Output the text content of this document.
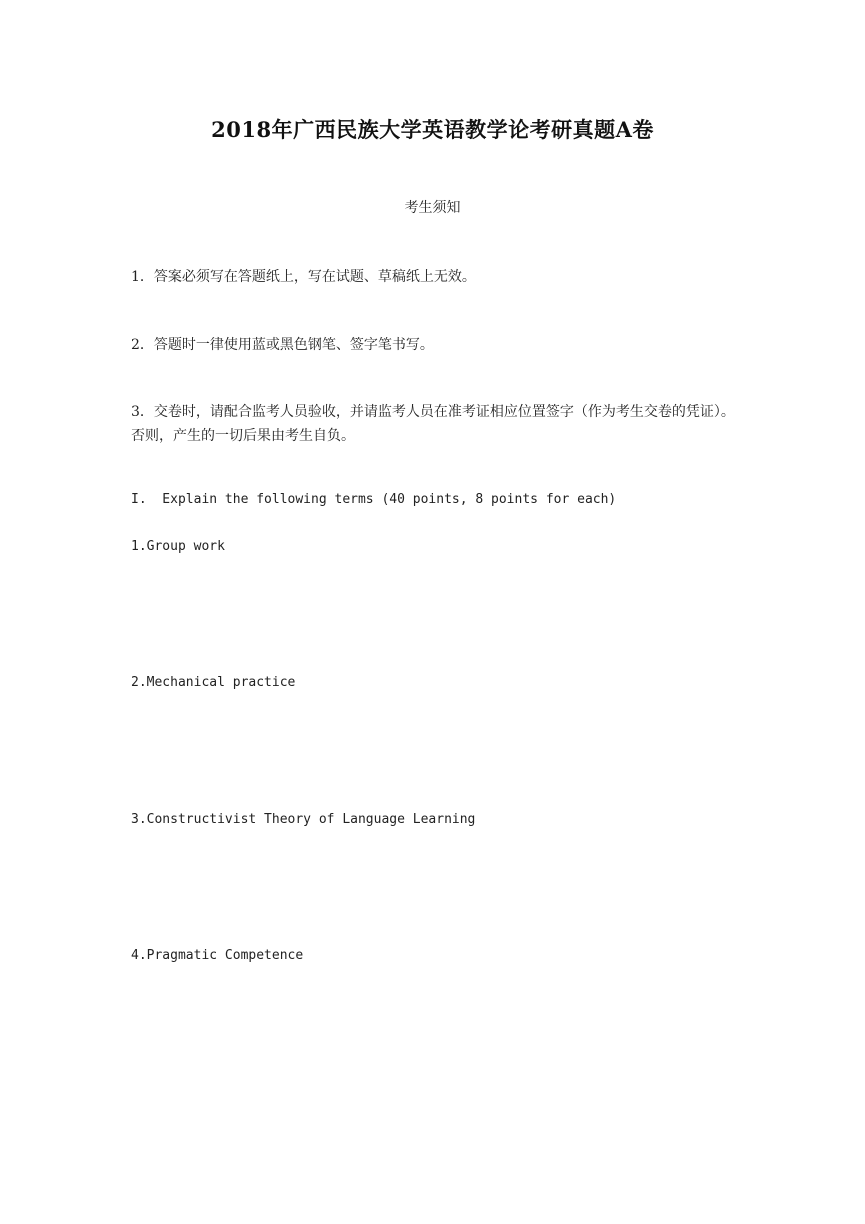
2018年广西民族大学英语教学论考研真题A卷

考生须知

1．答案必须写在答题纸上，写在试题、草稿纸上无效。

2．答题时一律使用蓝或黑色钢笔、签字笔书写。

3．交卷时，请配合监考人员验收，并请监考人员在准考证相应位置签字（作为考生交卷的凭证）。否则，产生的一切后果由考生自负。

I.  Explain the following terms (40 points, 8 points for each)

1.Group work

2.Mechanical practice

3.Constructivist Theory of Language Learning

4.Pragmatic Competence
